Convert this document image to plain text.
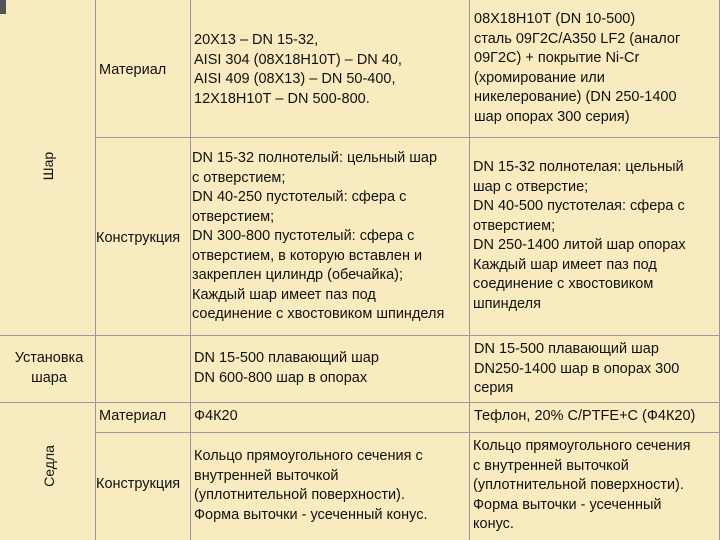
Шар
Седла
Материал
20Х13 – DN 15-32,
AISI 304 (08Х18Н10Т) – DN 40,
AISI 409 (08Х13) – DN 50-400,
12Х18Н10Т – DN 500-800.
08Х18Н10Т (DN 10-500)
сталь 09Г2С/А350 LF2 (аналог
09Г2С) + покрытие Ni-Cr
(хромирование или
никелерование) (DN 250-1400
шар опорах 300 серия)
Конструкция
DN 15-32 полнотелый: цельный шар
с отверстием;
DN 40-250 пустотелый: сфера с
отверстием;
DN 300-800 пустотелый: сфера с
отверстием, в которую вставлен и
закреплен цилиндр (обечайка);
Каждый шар имеет паз под
соединение с хвостовиком шпинделя
DN 15-32 полнотелая: цельный
шар с отверстие;
DN 40-500 пустотелая: сфера с
отверстием;
DN 250-1400 литой шар опорах
Каждый шар имеет паз под
соединение с хвостовиком
шпинделя
Установка
шара
DN 15-500 плавающий шар
DN 600-800 шар в опорах
DN 15-500 плавающий шар
DN250-1400 шар в опорах 300
серия
Материал Ф4К20	Тефлон, 20% C/PTFE+C (Ф4К20)
Конструкция
Кольцо прямоугольного сечения с
внутренней выточкой
(уплотнительной поверхности).
Форма выточки - усеченный конус.
Кольцо прямоугольного сечения
с внутренней выточкой
(уплотнительной поверхности).
Форма выточки - усеченный
конус.
